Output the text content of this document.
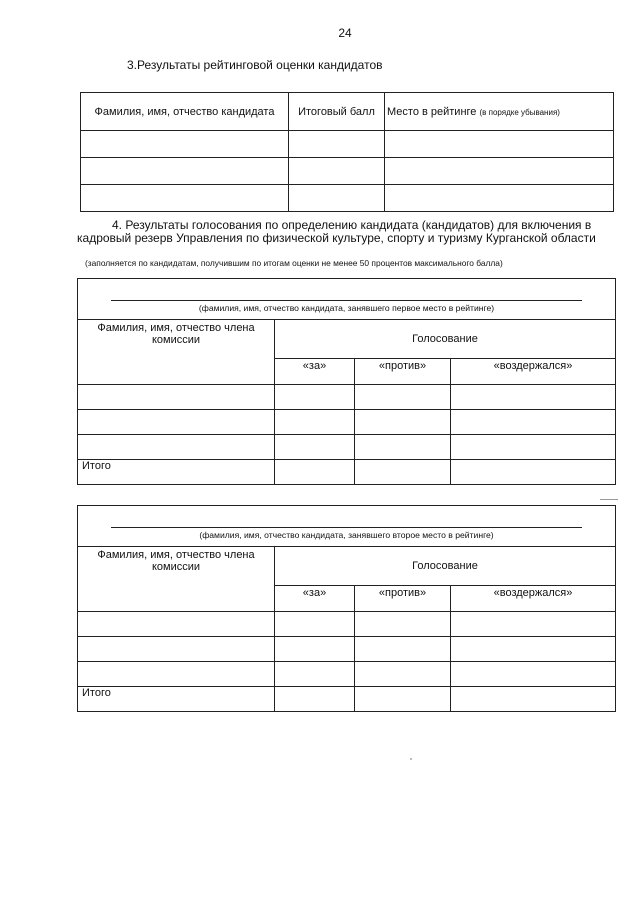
24
3.Результаты рейтинговой оценки кандидатов
Фамилия, имя, отчество кандидата	Итоговый балл	Место в рейтинге (в порядке убывания)

4. Результаты голосования по определению кандидата (кандидатов) для включения в кадровый резерв Управления по физической культуре, спорту и туризму Курганской области
(заполняется по кандидатам, получившим по итогам оценки не менее 50 процентов максимального балла)
(фамилия, имя, отчество кандидата, занявшего первое место в рейтинге)			

Фамилия, имя, отчество члена комиссии	Голосование		
	«за»	«против»	«воздержался»

Итого			
(фамилия, имя, отчество кандидата, занявшего второе место в рейтинге)			

Фамилия, имя, отчество члена комиссии	Голосование		
	«за»	«против»	«воздержался»

Итого			
